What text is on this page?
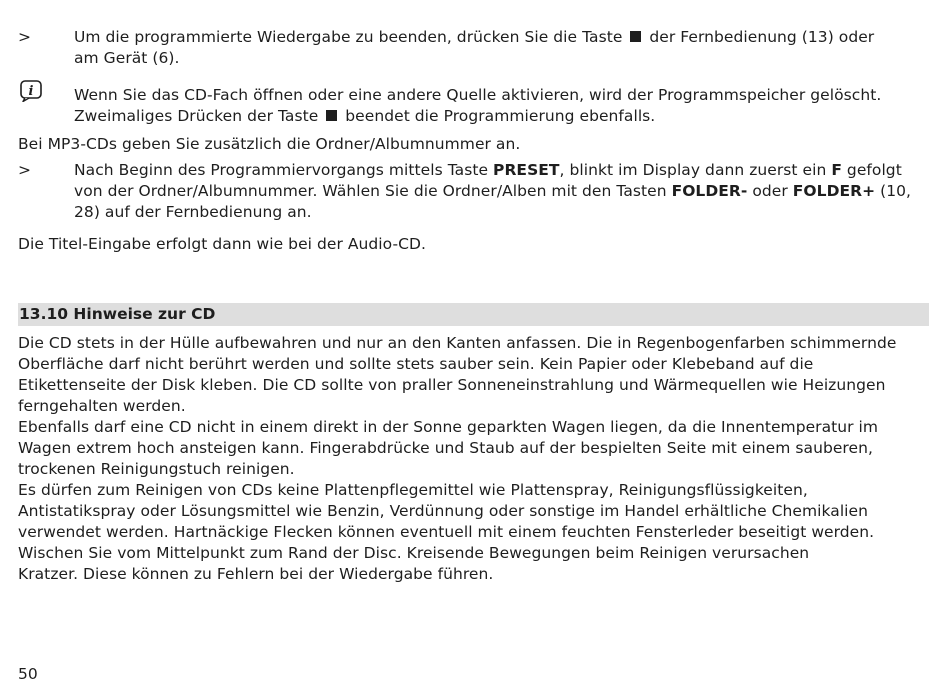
>	Um die programmierte Wiedergabe zu beenden, drücken Sie die Taste der Fernbedienung (13) oder
am Gerät (6).
i	Wenn Sie das CD-Fach öffnen oder eine andere Quelle aktivieren, wird der Programmspeicher gelöscht.
Zweimaliges Drücken der Taste beendet die Programmierung ebenfalls.
Bei MP3-CDs geben Sie zusätzlich die Ordner/Albumnummer an.
>	Nach Beginn des Programmiervorgangs mittels Taste PRESET, blinkt im Display dann zuerst ein F gefolgt
von der Ordner/Albumnummer. Wählen Sie die Ordner/Alben mit den Tasten FOLDER- oder FOLDER+ (10,
28) auf der Fernbedienung an.
Die Titel-Eingabe erfolgt dann wie bei der Audio-CD.
13.10 Hinweise zur CD
Die CD stets in der Hülle aufbewahren und nur an den Kanten anfassen. Die in Regenbogenfarben schimmernde
Oberfläche darf nicht berührt werden und sollte stets sauber sein. Kein Papier oder Klebeband auf die
Etikettenseite der Disk kleben. Die CD sollte von praller Sonneneinstrahlung und Wärmequellen wie Heizungen
ferngehalten werden.
Ebenfalls darf eine CD nicht in einem direkt in der Sonne geparkten Wagen liegen, da die Innentemperatur im
Wagen extrem hoch ansteigen kann. Fingerabdrücke und Staub auf der bespielten Seite mit einem sauberen,
trockenen Reinigungstuch reinigen.
Es dürfen zum Reinigen von CDs keine Plattenpflegemittel wie Plattenspray, Reinigungsflüssigkeiten,
Antistatikspray oder Lösungsmittel wie Benzin, Verdünnung oder sonstige im Handel erhältliche Chemikalien
verwendet werden. Hartnäckige Flecken können eventuell mit einem feuchten Fensterleder beseitigt werden.
Wischen Sie vom Mittelpunkt zum Rand der Disc. Kreisende Bewegungen beim Reinigen verursachen
Kratzer. Diese können zu Fehlern bei der Wiedergabe führen.
50
